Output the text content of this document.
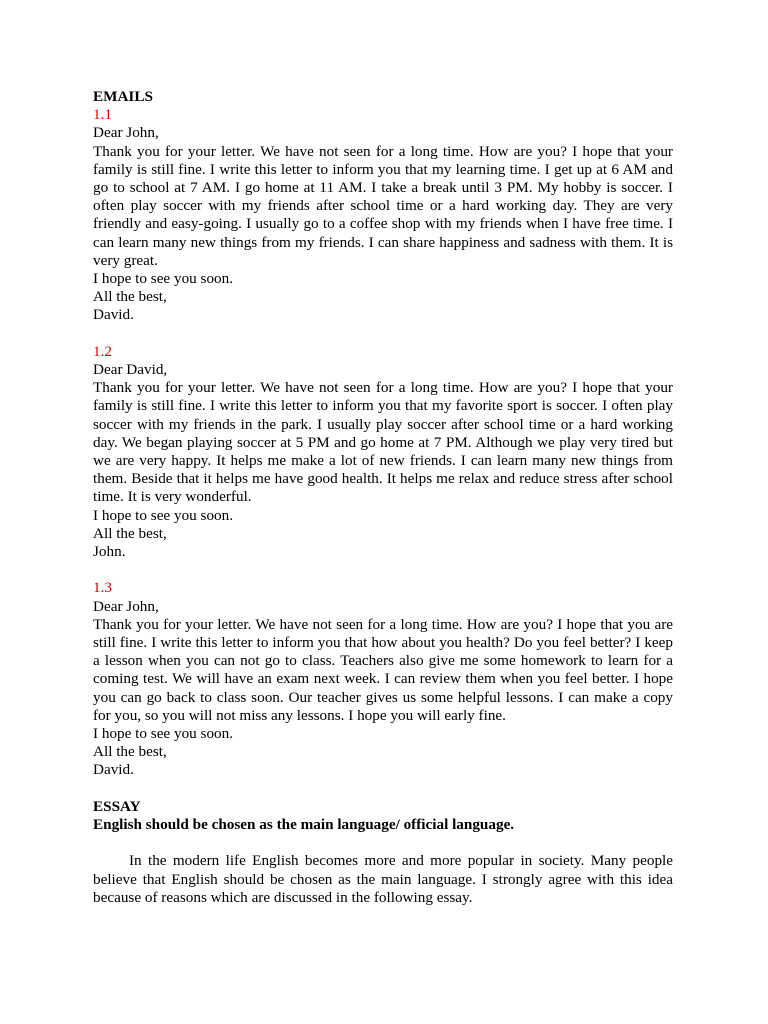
EMAILS
1.1
Dear John,
Thank you for your letter. We have not seen for a long time. How are you? I hope that your family is still fine. I write this letter to inform you that my learning time. I get up at 6 AM and go to school at 7 AM. I go home at 11 AM. I take a break until 3 PM. My hobby is soccer. I often play soccer with my friends after school time or a hard working day. They are very friendly and easy-going. I usually go to a coffee shop with my friends when I have free time. I can learn many new things from my friends. I can share happiness and sadness with them. It is very great.
I hope to see you soon.
All the best,
David.
1.2
Dear David,
Thank you for your letter. We have not seen for a long time. How are you? I hope that your family is still fine. I write this letter to inform you that my favorite sport is soccer. I often play soccer with my friends in the park. I usually play soccer after school time or a hard working day. We began playing soccer at 5 PM and go home at 7 PM. Although we play very tired but we are very happy. It helps me make a lot of new friends. I can learn many new things from them. Beside that it helps me have good health. It helps me relax and reduce stress after school time. It is very wonderful.
I hope to see you soon.
All the best,
John.
1.3
Dear John,
Thank you for your letter. We have not seen for a long time. How are you? I hope that you are still fine. I write this letter to inform you that how about you health? Do you feel better? I keep a lesson when you can not go to class. Teachers also give me some homework to learn for a coming test. We will have an exam next week. I can review them when you feel better. I hope you can go back to class soon. Our teacher gives us some helpful lessons. I can make a copy for you, so you will not miss any lessons. I hope you will early fine.
I hope to see you soon.
All the best,
David.
ESSAY
English should be chosen as the main language/ official language.
In the modern life English becomes more and more popular in society. Many people believe that English should be chosen as the main language. I strongly agree with this idea because of reasons which are discussed in the following essay.
